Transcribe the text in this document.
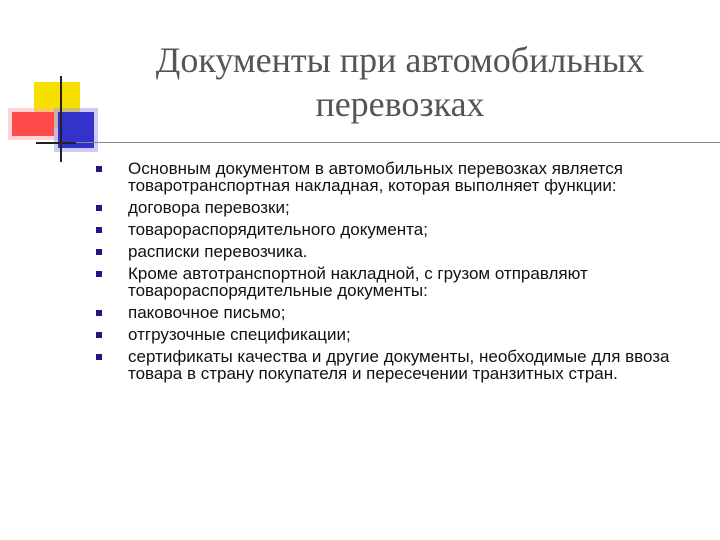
Документы при автомобильных
перевозках
Основным документом в автомобильных перевозках является товаротранспортная накладная, которая выполняет функции:
договора перевозки;
товарораспорядительного документа;
расписки перевозчика.
Кроме автотранспортной накладной, с грузом отправляют товарораспорядительные документы:
паковочное письмо;
отгрузочные спецификации;
сертификаты качества и другие документы, необходимые для ввоза товара в страну покупателя и пересечении транзитных стран.
